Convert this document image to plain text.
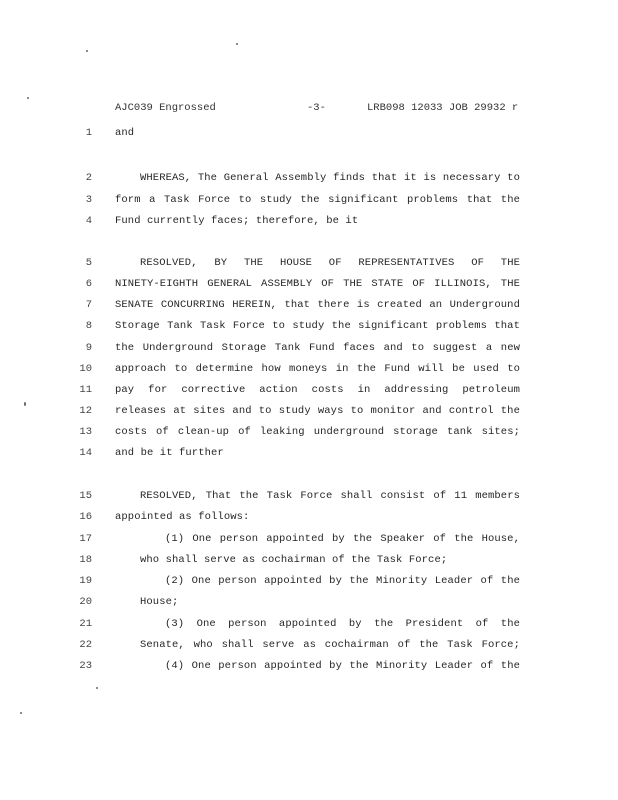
AJC039 Engrossed	-3-	LRB098 12033 JOB 29932 r
1 and
2	WHEREAS, The General Assembly finds that it is necessary to
3 form a Task Force to study the significant problems that the
4 Fund currently faces; therefore, be it
5	RESOLVED, BY THE HOUSE OF REPRESENTATIVES OF THE
6 NINETY-EIGHTH GENERAL ASSEMBLY OF THE STATE OF ILLINOIS, THE
7 SENATE CONCURRING HEREIN, that there is created an Underground
8 Storage Tank Task Force to study the significant problems that
9 the Underground Storage Tank Fund faces and to suggest a new
10 approach to determine how moneys in the Fund will be used to
11 pay for corrective action costs in addressing petroleum
12 releases at sites and to study ways to monitor and control the
13 costs of clean-up of leaking underground storage tank sites;
14 and be it further
15	RESOLVED, That the Task Force shall consist of 11 members
16 appointed as follows:
17	(1) One person appointed by the Speaker of the House,
18	who shall serve as cochairman of the Task Force;
19	(2) One person appointed by the Minority Leader of the
20	House;
21	(3) One person appointed by the President of the
22	Senate, who shall serve as cochairman of the Task Force;
23	(4) One person appointed by the Minority Leader of the
